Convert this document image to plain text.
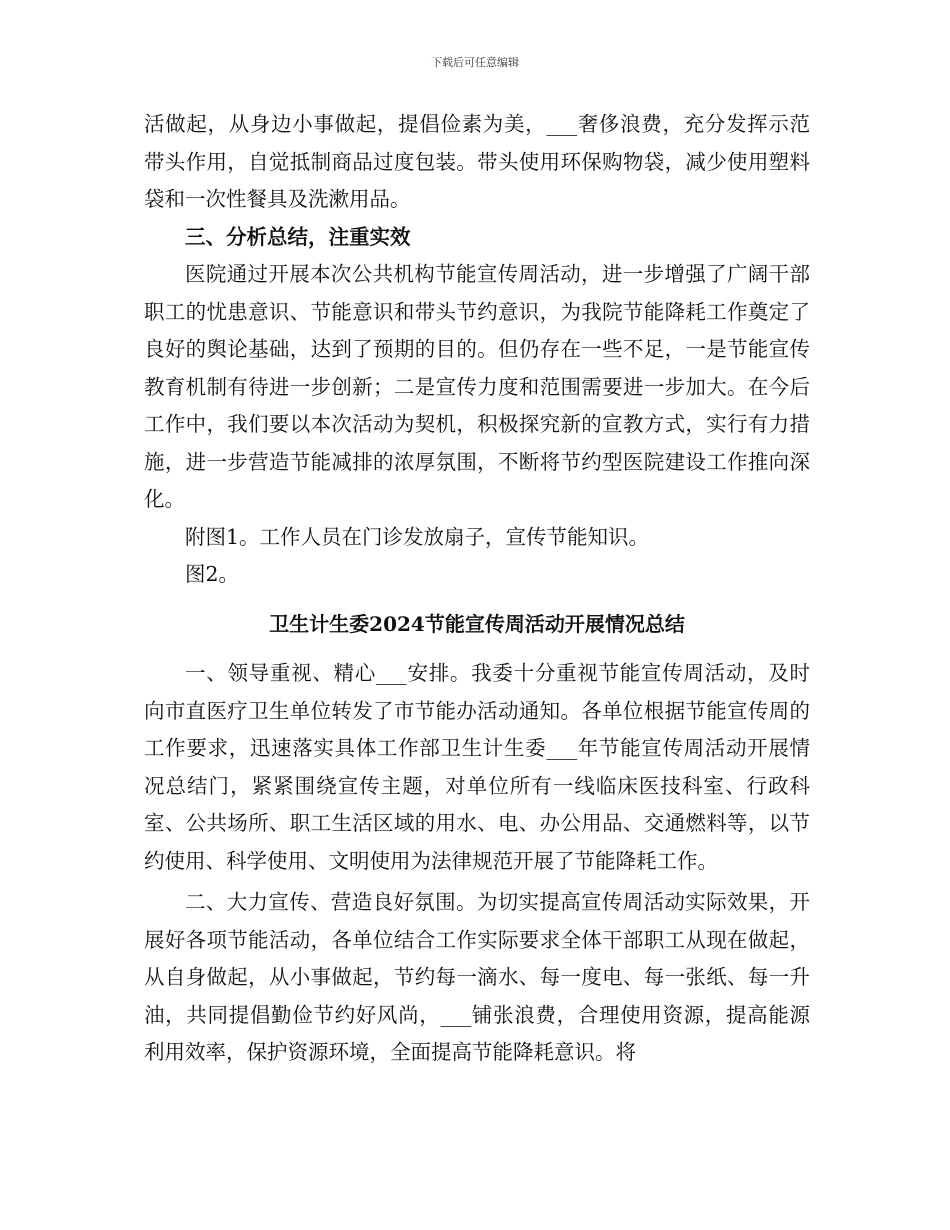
下载后可任意编辑

活做起，从身边小事做起，提倡俭素为美，___奢侈浪费，充分发挥示范带头作用，自觉抵制商品过度包装。带头使用环保购物袋，减少使用塑料袋和一次性餐具及洗漱用品。

三、分析总结，注重实效

医院通过开展本次公共机构节能宣传周活动，进一步增强了广阔干部职工的忧患意识、节能意识和带头节约意识，为我院节能降耗工作奠定了良好的舆论基础，达到了预期的目的。但仍存在一些不足，一是节能宣传教育机制有待进一步创新；二是宣传力度和范围需要进一步加大。在今后工作中，我们要以本次活动为契机，积极探究新的宣教方式，实行有力措施，进一步营造节能减排的浓厚氛围，不断将节约型医院建设工作推向深化。

附图1。工作人员在门诊发放扇子，宣传节能知识。

图2。

卫生计生委2024节能宣传周活动开展情况总结

一、领导重视、精心___安排。我委十分重视节能宣传周活动，及时向市直医疗卫生单位转发了市节能办活动通知。各单位根据节能宣传周的工作要求，迅速落实具体工作部卫生计生委___年节能宣传周活动开展情况总结门，紧紧围绕宣传主题，对单位所有一线临床医技科室、行政科室、公共场所、职工生活区域的用水、电、办公用品、交通燃料等，以节约使用、科学使用、文明使用为法律规范开展了节能降耗工作。

二、大力宣传、营造良好氛围。为切实提高宣传周活动实际效果，开展好各项节能活动，各单位结合工作实际要求全体干部职工从现在做起，从自身做起，从小事做起，节约每一滴水、每一度电、每一张纸、每一升油，共同提倡勤俭节约好风尚，___铺张浪费，合理使用资源，提高能源利用效率，保护资源环境，全面提高节能降耗意识。将
